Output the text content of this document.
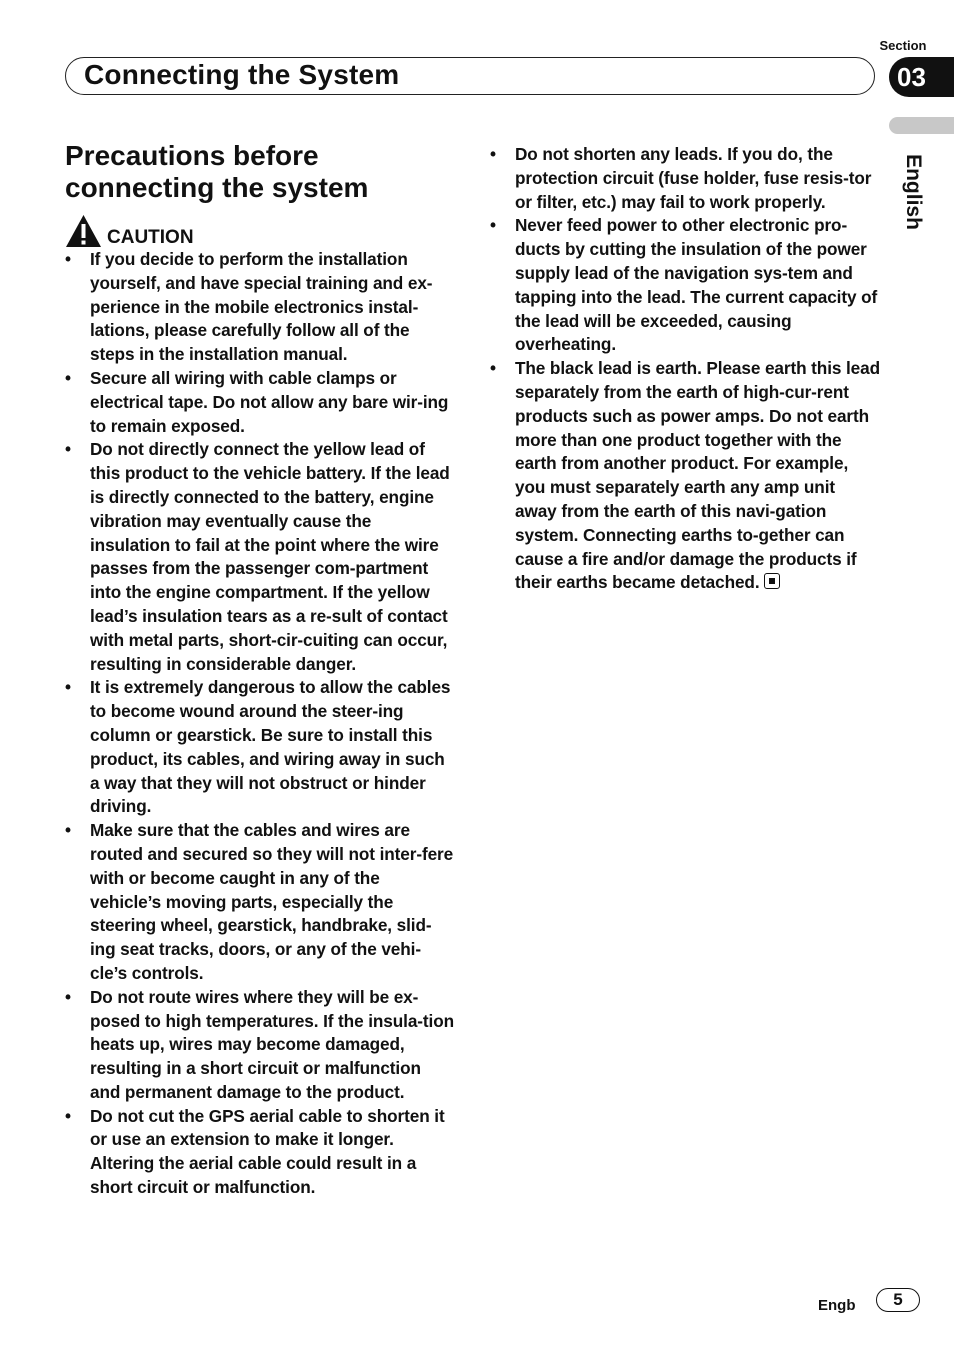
Section
Connecting the System	03
English
Precautions before
connecting the system
CAUTION
• If you decide to perform the installation yourself, and have special training and ex-perience in the mobile electronics instal-lations, please carefully follow all of the steps in the installation manual.
• Secure all wiring with cable clamps or electrical tape. Do not allow any bare wir-ing to remain exposed.
• Do not directly connect the yellow lead of this product to the vehicle battery. If the lead is directly connected to the battery, engine vibration may eventually cause the insulation to fail at the point where the wire passes from the passenger com-partment into the engine compartment. If the yellow lead’s insulation tears as a re-sult of contact with metal parts, short-cir-cuiting can occur, resulting in considerable danger.
• It is extremely dangerous to allow the cables to become wound around the steer-ing column or gearstick. Be sure to install this product, its cables, and wiring away in such a way that they will not obstruct or hinder driving.
• Make sure that the cables and wires are routed and secured so they will not inter-fere with or become caught in any of the vehicle’s moving parts, especially the steering wheel, gearstick, handbrake, slid-ing seat tracks, doors, or any of the vehi-cle’s controls.
• Do not route wires where they will be ex-posed to high temperatures. If the insula-tion heats up, wires may become damaged, resulting in a short circuit or malfunction and permanent damage to the product.
• Do not cut the GPS aerial cable to shorten it or use an extension to make it longer. Altering the aerial cable could result in a short circuit or malfunction.
• Do not shorten any leads. If you do, the protection circuit (fuse holder, fuse resis-tor or filter, etc.) may fail to work properly.
• Never feed power to other electronic pro-ducts by cutting the insulation of the power supply lead of the navigation sys-tem and tapping into the lead. The current capacity of the lead will be exceeded, causing overheating.
• The black lead is earth. Please earth this lead separately from the earth of high-cur-rent products such as power amps. Do not earth more than one product together with the earth from another product. For example, you must separately earth any amp unit away from the earth of this navi-gation system. Connecting earths to-gether can cause a fire and/or damage the products if their earths became detached.
Engb	5
